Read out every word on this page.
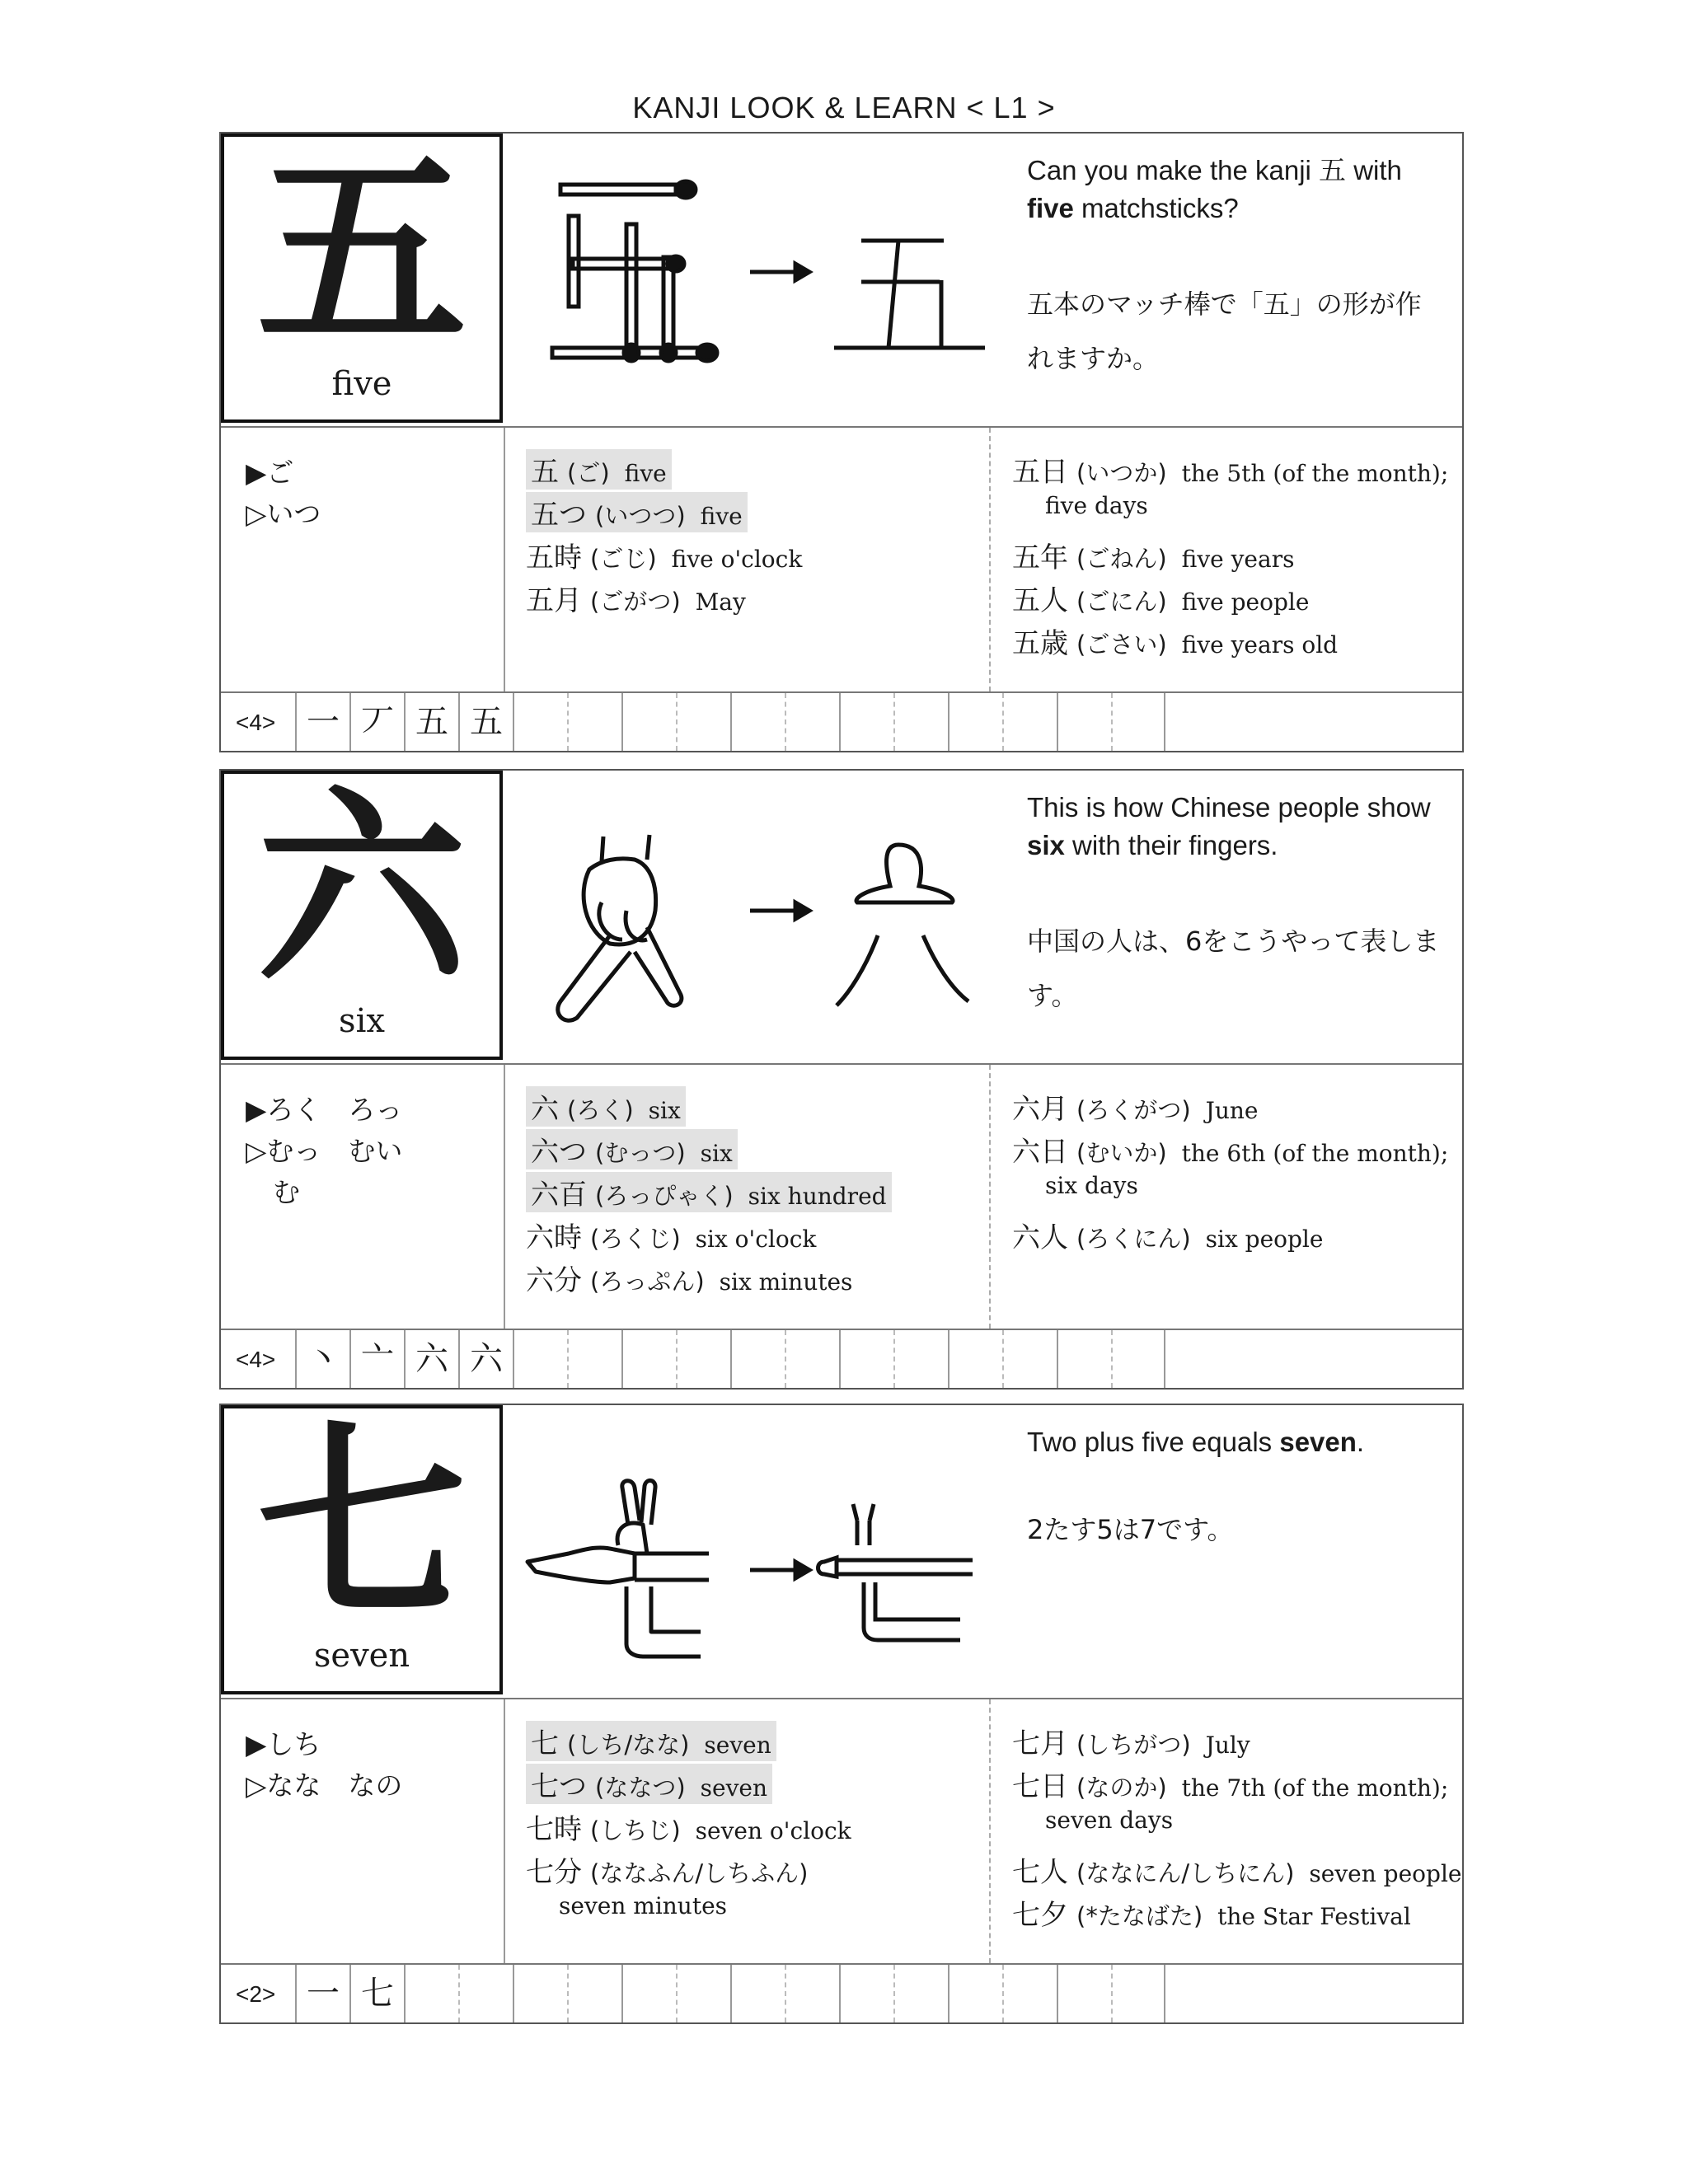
KANJI LOOK & LEARN < L1 >
五
five
Can you make the kanji 五 with
five matchsticks?
五本のマッチ棒で「五」の形が作れますか。
▶ご
▷いつ
五 (ご) five
五つ (いつつ) five
五時 (ごじ) five o'clock
五月 (ごがつ) May
五日 (いつか) the 5th (of the month);
five days
五年 (ごねん) five years
五人 (ごにん) five people
五歳 (ごさい) five years old
<4> 一 丆 五 五
六
six
This is how Chinese people show six with their fingers.
中国の人は、6をこうやって表します。
▶ろく　ろっ
▷むっ　むい
　む
六 (ろく) six
六つ (むっつ) six
六百 (ろっぴゃく) six hundred
六時 (ろくじ) six o'clock
六分 (ろっぷん) six minutes
六月 (ろくがつ) June
六日 (むいか) the 6th (of the month);
six days
六人 (ろくにん) six people
<4> 丶 亠 六 六
七
seven
Two plus five equals seven.
2たす5は7です。
▶しち
▷なな　なの
七 (しち/なな) seven
七つ (ななつ) seven
七時 (しちじ) seven o'clock
七分 (ななふん/しちふん)
seven minutes
七月 (しちがつ) July
七日 (なのか) the 7th (of the month);
seven days
七人 (ななにん/しちにん) seven people
七夕 (*たなばた) the Star Festival
<2> 一 七
